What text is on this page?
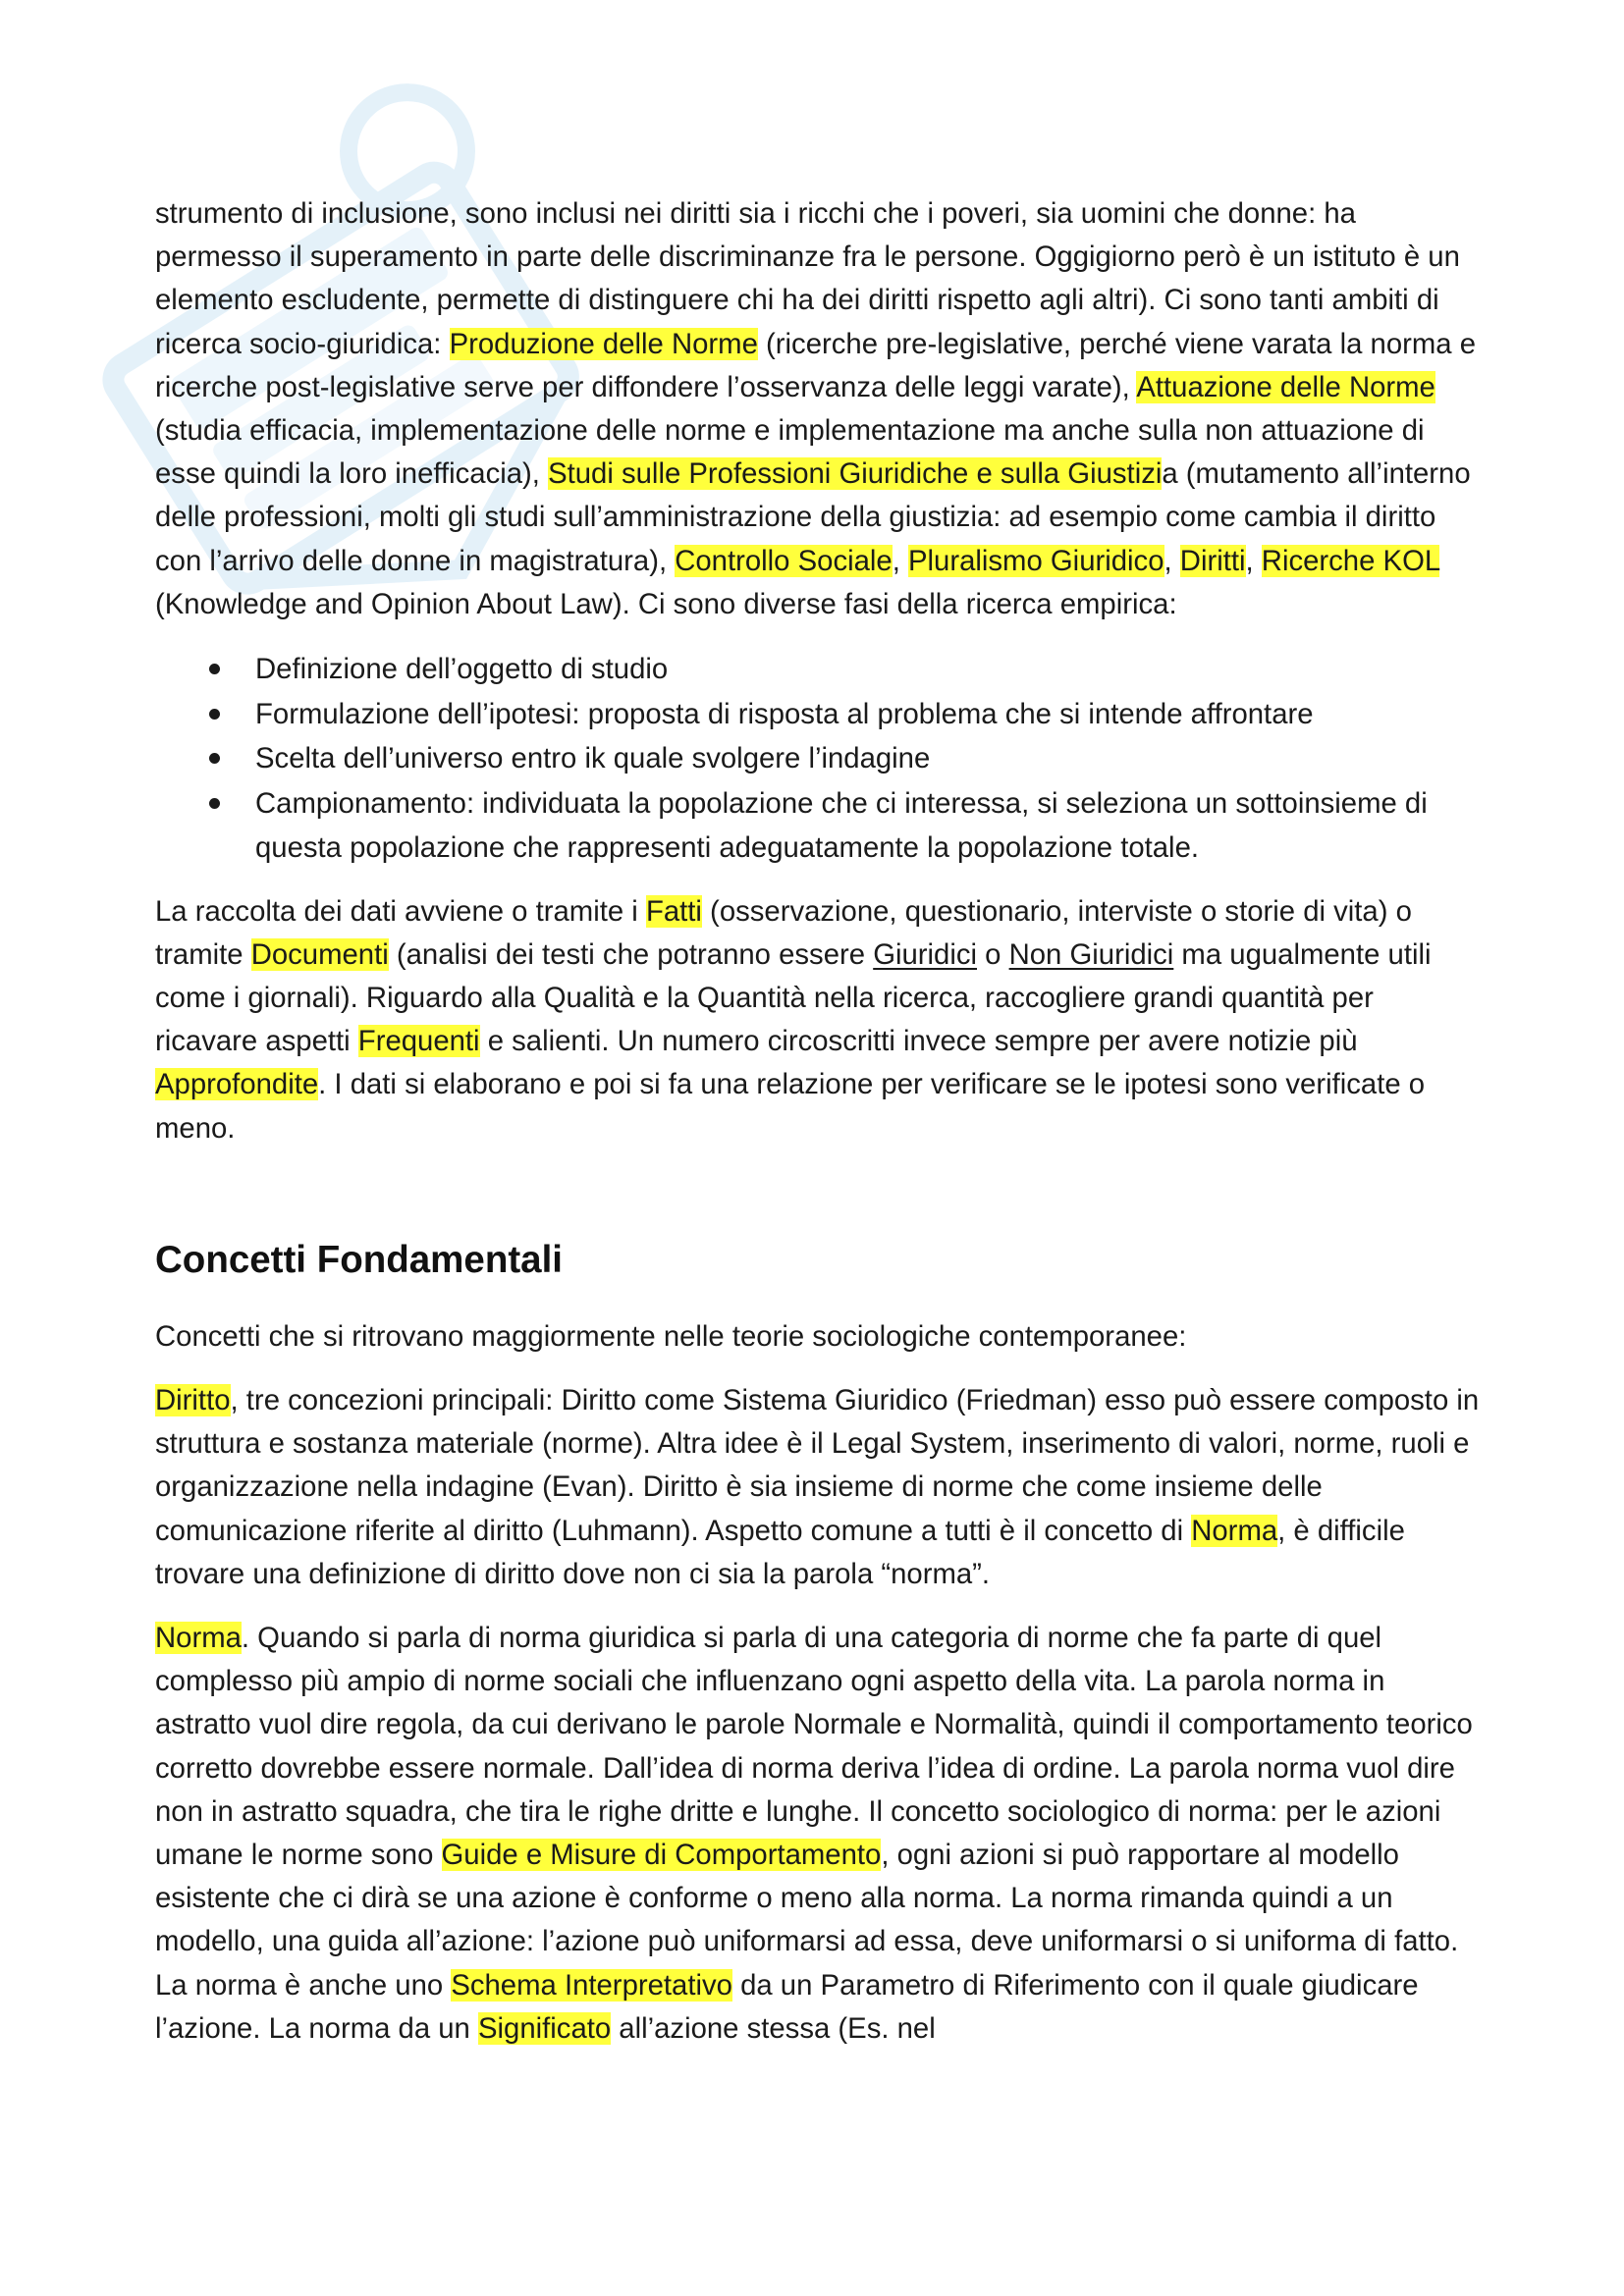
strumento di inclusione, sono inclusi nei diritti sia i ricchi che i poveri, sia uomini che donne: ha permesso il superamento in parte delle discriminanze fra le persone. Oggigiorno però è un istituto è un elemento escludente, permette di distinguere chi ha dei diritti rispetto agli altri). Ci sono tanti ambiti di ricerca socio-giuridica: Produzione delle Norme (ricerche pre-legislative, perché viene varata la norma e ricerche post-legislative serve per diffondere l’osservanza delle leggi varate), Attuazione delle Norme (studia efficacia, implementazione delle norme e implementazione ma anche sulla non attuazione di esse quindi la loro inefficacia), Studi sulle Professioni Giuridiche e sulla Giustizia (mutamento all’interno delle professioni, molti gli studi sull’amministrazione della giustizia: ad esempio come cambia il diritto con l’arrivo delle donne in magistratura), Controllo Sociale, Pluralismo Giuridico, Diritti, Ricerche KOL (Knowledge and Opinion About Law). Ci sono diverse fasi della ricerca empirica:

Definizione dell’oggetto di studio
Formulazione dell’ipotesi: proposta di risposta al problema che si intende affrontare
Scelta dell’universo entro ik quale svolgere l’indagine
Campionamento: individuata la popolazione che ci interessa, si seleziona un sottoinsieme di questa popolazione che rappresenti adeguatamente la popolazione totale.

La raccolta dei dati avviene o tramite i Fatti (osservazione, questionario, interviste o storie di vita) o tramite Documenti (analisi dei testi che potranno essere Giuridici o Non Giuridici ma ugualmente utili come i giornali). Riguardo alla Qualità e la Quantità nella ricerca, raccogliere grandi quantità per ricavare aspetti Frequenti e salienti. Un numero circoscritti invece sempre per avere notizie più Approfondite. I dati si elaborano e poi si fa una relazione per verificare se le ipotesi sono verificate o meno.

Concetti Fondamentali

Concetti che si ritrovano maggiormente nelle teorie sociologiche contemporanee:

Diritto, tre concezioni principali: Diritto come Sistema Giuridico (Friedman) esso può essere composto in struttura e sostanza materiale (norme). Altra idee è il Legal System, inserimento di valori, norme, ruoli e organizzazione nella indagine (Evan). Diritto è sia insieme di norme che come insieme delle comunicazione riferite al diritto (Luhmann). Aspetto comune a tutti è il concetto di Norma, è difficile trovare una definizione di diritto dove non ci sia la parola “norma”.

Norma. Quando si parla di norma giuridica si parla di una categoria di norme che fa parte di quel complesso più ampio di norme sociali che influenzano ogni aspetto della vita. La parola norma in astratto vuol dire regola, da cui derivano le parole Normale e Normalità, quindi il comportamento teorico corretto dovrebbe essere normale. Dall’idea di norma deriva l’idea di ordine. La parola norma vuol dire non in astratto squadra, che tira le righe dritte e lunghe. Il concetto sociologico di norma: per le azioni umane le norme sono Guide e Misure di Comportamento, ogni azioni si può rapportare al modello esistente che ci dirà se una azione è conforme o meno alla norma. La norma rimanda quindi a un modello, una guida all’azione: l’azione può uniformarsi ad essa, deve uniformarsi o si uniforma di fatto. La norma è anche uno Schema Interpretativo da un Parametro di Riferimento con il quale giudicare l’azione. La norma da un Significato all’azione stessa (Es. nel
